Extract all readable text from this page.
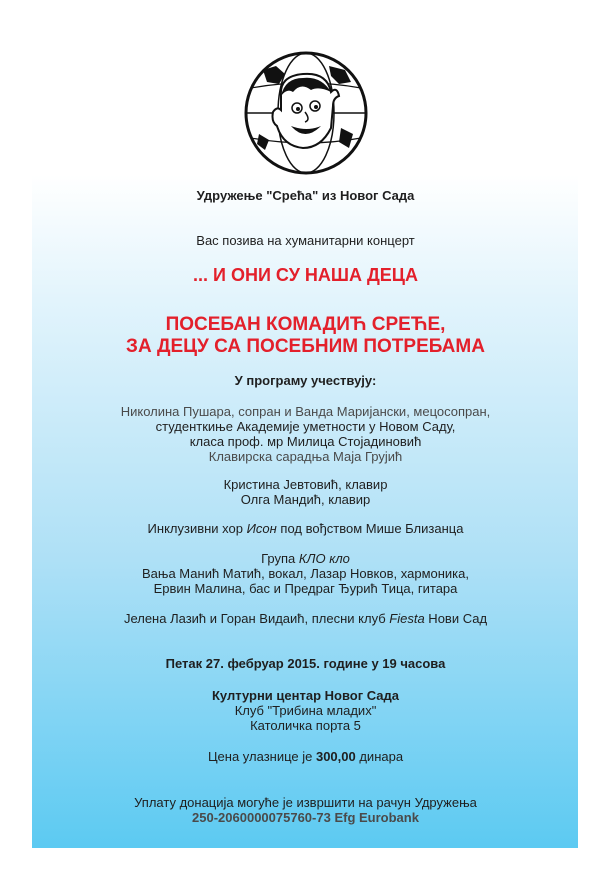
Удружење "Срећа" из Новог Сада
Вас позива на хуманитарни концерт
... И ОНИ СУ НАША ДЕЦА
ПОСЕБАН КОМАДИЋ СРЕЋЕ,
ЗА ДЕЦУ СА ПОСЕБНИМ ПОТРЕБАМА
У програму учествују:
Николина Пушара, сопран и Ванда Маријански, мецосопран,
студенткиње Академије уметности у Новом Саду,
класа проф. мр Милица Стојадиновић
Клавирска сарадња Маја Грујић
Кристина Јевтовић, клавир
Олга Мандић, клавир
Инклузивни хор Исон под вођством Мише Близанца
Група КЛО кло
Вања Манић Матић, вокал, Лазар Новков, хармоника,
Ервин Малина, бас и Предраг Ђурић Тица, гитара
Јелена Лазић и Горан Видаић, плесни клуб Fiesta Нови Сад
Петак 27. фебруар 2015. године у 19 часова
Културни центар Новог Сада
Клуб "Трибина младих"
Католичка порта 5
Цена улазнице је 300,00 динара
Уплату донација могуће је извршити на рачун Удружења
250-2060000075760-73 Efg Eurobank
